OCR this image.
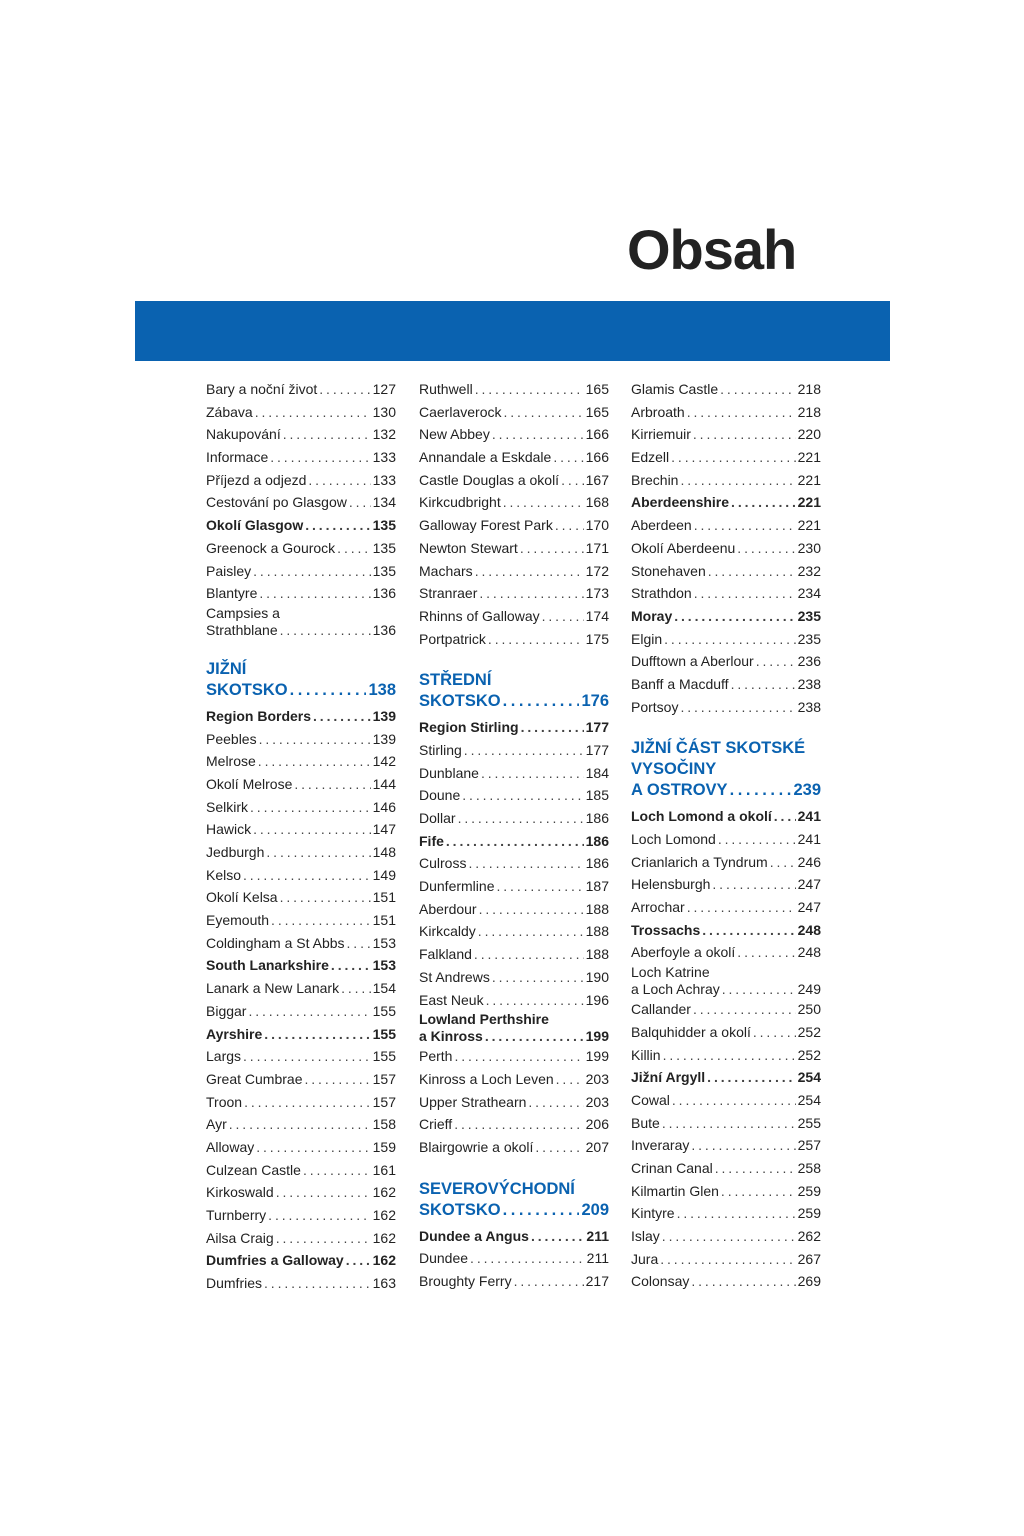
Obsah
Bary a noční život . . .	127
Zábava . . .	130
Nakupování . . .	132
Informace . . .	133
Příjezd a odjezd . . .	133
Cestování po Glasgow . . . 134
Okolí Glasgow . . .	135
Greenock a Gourock . . .	135
Paisley . . .	135
Blantyre . . .	136
Campsies a
Strathblane . . .	136
JIŽNÍ
SKOTSKO . . .	138
Region Borders . . .	139
Peebles . . .	139
Melrose . . .	142
Okolí Melrose . . .	144
Selkirk . . .	146
Hawick . . .	147
Jedburgh . . .	148
Kelso . . .	149
Okolí Kelsa . . .	151
Eyemouth . . .	151
Coldingham a St Abbs . . . 153
South Lanarkshire . . .	153
Lanark a New Lanark . . . 154
Biggar . . .	155
Ayrshire . . .	155
Largs . . .	155
Great Cumbrae . . .	157
Troon . . .	157
Ayr . . .	158
Alloway . . .	159
Culzean Castle . . .	161
Kirkoswald . . .	162
Turnberry . . .	162
Ailsa Craig . . .	162
Dumfries a Galloway . . . 162
Dumfries . . .	163
Ruthwell . . .	165
Caerlaverock . . .	165
New Abbey . . .	166
Annandale a Eskdale . . . 166
Castle Douglas a okolí . . . 167
Kirkcudbright . . .	168
Galloway Forest Park . . . 170
Newton Stewart . . .	171
Machars . . .	172
Stranraer . . .	173
Rhinns of Galloway . . .	174
Portpatrick . . .	175
STŘEDNÍ
SKOTSKO . . .	176
Region Stirling . . .	177
Stirling . . .	177
Dunblane . . .	184
Doune . . .	185
Dollar . . .	186
Fife . . .	186
Culross . . .	186
Dunfermline . . .	187
Aberdour . . .	188
Kirkcaldy . . .	188
Falkland . . .	188
St Andrews . . .	190
East Neuk . . .	196
Lowland Perthshire
a Kinross . . .	199
Perth . . .	199
Kinross a Loch Leven . . . 203
Upper Strathearn . . .	203
Crieff . . .	206
Blairgowrie a okolí . . .	207
SEVEROVÝCHODNÍ
SKOTSKO . . .	209
Dundee a Angus . . .	211
Dundee . . .	211
Broughty Ferry . . .	217
Glamis Castle . . .	218
Arbroath . . .	218
Kirriemuir . . .	220
Edzell . . .	221
Brechin . . .	221
Aberdeenshire . . .	221
Aberdeen . . .	221
Okolí Aberdeenu . . .	230
Stonehaven . . .	232
Strathdon . . .	234
Moray . . .	235
Elgin . . .	235
Dufftown a Aberlour . . .	236
Banff a Macduff . . .	238
Portsoy . . .	238
JIŽNÍ ČÁST SKOTSKÉ
VYSOČINY
A OSTROVY . . .	239
Loch Lomond a okolí . . . 241
Loch Lomond . . .	241
Crianlarich a Tyndrum . . . 246
Helensburgh . . .	247
Arrochar . . .	247
Trossachs . . .	248
Aberfoyle a okolí . . .	248
Loch Katrine
a Loch Achray . . .	249
Callander . . .	250
Balquhidder a okolí . . .	252
Killin . . .	252
Jižní Argyll . . .	254
Cowal . . .	254
Bute . . .	255
Inveraray . . .	257
Crinan Canal . . .	258
Kilmartin Glen . . .	259
Kintyre . . .	259
Islay . . .	262
Jura . . .	267
Colonsay . . .	269
